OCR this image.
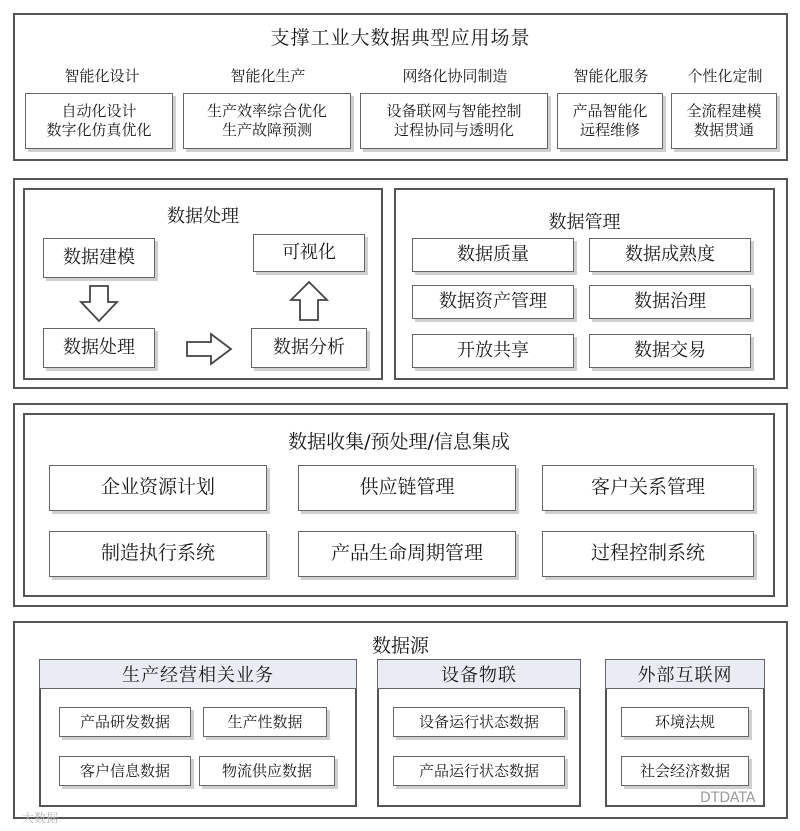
支撑工业大数据典型应用场景
智能化设计	智能化生产	网络化协同制造	智能化服务	个性化定制
自动化设计
数字化仿真优化
生产效率综合优化
生产故障预测
设备联网与智能控制
过程协同与透明化
产品智能化
远程维修
全流程建模
数据贯通
数据处理
数据建模	可视化
数据处理	数据分析
数据管理
数据质量	数据成熟度
数据资产管理	数据治理
开放共享	数据交易
数据收集/预处理/信息集成
企业资源计划	供应链管理	客户关系管理
制造执行系统	产品生命周期管理	过程控制系统
数据源
生产经营相关业务
产品研发数据	生产性数据
客户信息数据	物流供应数据
设备物联
设备运行状态数据
产品运行状态数据
外部互联网
环境法规
社会经济数据
大数据
DTDATA
